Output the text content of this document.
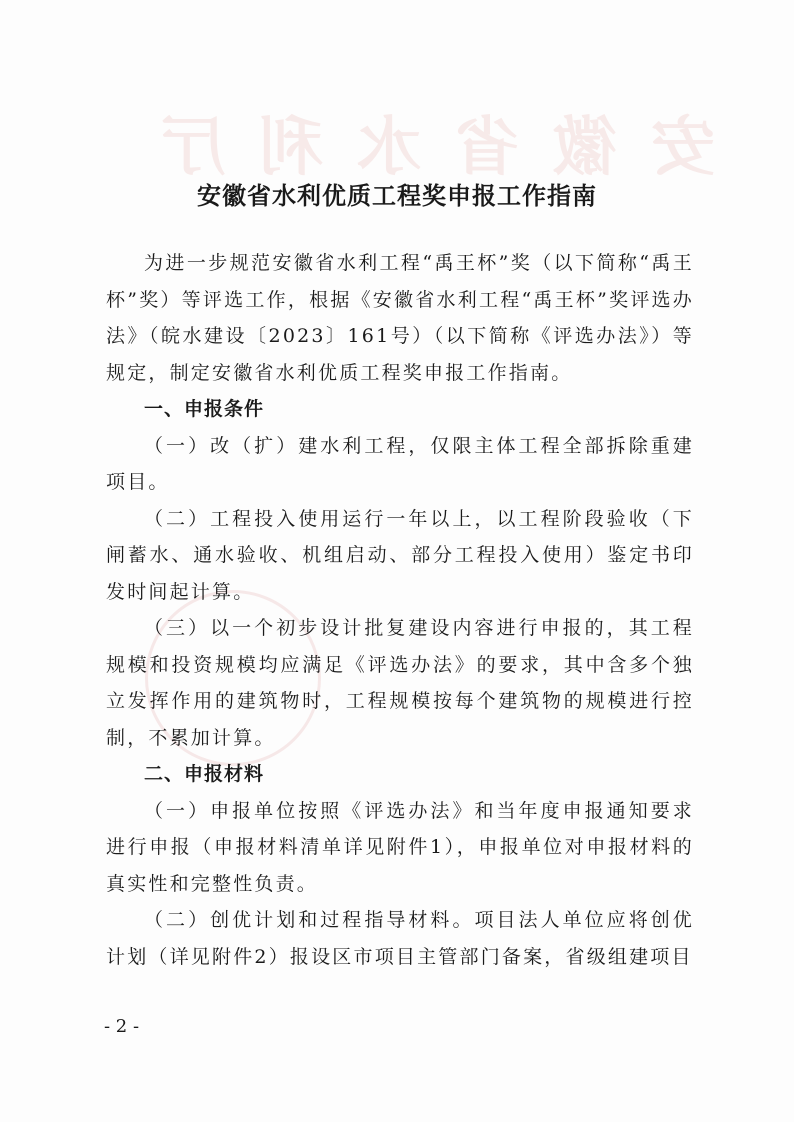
安徽省水利厅
安徽省水利优质工程奖申报工作指南

为进一步规范安徽省水利工程“禹王杯”奖（以下简称“禹王杯”奖）等评选工作，根据《安徽省水利工程“禹王杯”奖评选办法》（皖水建设〔2023〕161号）（以下简称《评选办法》）等规定，制定安徽省水利优质工程奖申报工作指南。

一、申报条件

（一）改（扩）建水利工程，仅限主体工程全部拆除重建项目。

（二）工程投入使用运行一年以上，以工程阶段验收（下闸蓄水、通水验收、机组启动、部分工程投入使用）鉴定书印发时间起计算。

（三）以一个初步设计批复建设内容进行申报的，其工程规模和投资规模均应满足《评选办法》的要求，其中含多个独立发挥作用的建筑物时，工程规模按每个建筑物的规模进行控制，不累加计算。

二、申报材料

（一）申报单位按照《评选办法》和当年度申报通知要求进行申报（申报材料清单详见附件1），申报单位对申报材料的真实性和完整性负责。

（二）创优计划和过程指导材料。项目法人单位应将创优计划（详见附件2）报设区市项目主管部门备案，省级组建项目

- 2 -
